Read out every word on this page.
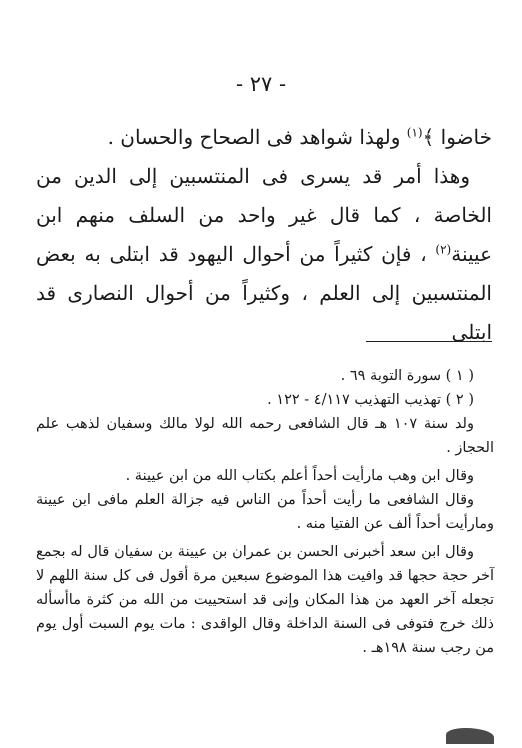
- ٢٧ -

خاضوا ﴾$^{(١)}$ ولهذا شواهد فى الصحاح والحسان .

وهذا أمر قد يسرى فى المنتسبين إلى الدين من الخاصة ، كما قال غير واحد من السلف منهم ابن عيينة$^{(٢)}$ ، فإن كثيراً من أحوال اليهود قد ابتلى به بعض المنتسبين إلى العلم ، وكثيراً من أحوال النصارى قد ابتلى

( ١ ) سورة التوبة ٦٩ .

( ٢ ) تهذيب التهذيب ٤/١١٧ - ١٢٢ .

ولد سنة ١٠٧ هـ قال الشافعى رحمه الله لولا مالك وسفيان لذهب علم الحجاز .

وقال ابن وهب مارأيت أحداً أعلم بكتاب الله من ابن عيينة .

وقال الشافعى ما رأيت أحداً من الناس فيه جزالة العلم مافى ابن عيينة ومارأيت أحداً ألف عن الفتيا منه .

وقال ابن سعد أخبرنى الحسن بن عمران بن عيينة بن سفيان قال له بجمع آخر حجة حجها قد وافيت هذا الموضوع سبعين مرة أقول فى كل سنة اللهم لا تجعله آخر العهد من هذا المكان وإنى قد استحييت من الله من كثرة ماأسأله ذلك خرج فتوفى فى السنة الداخلة وقال الواقدى : مات يوم السبت أول يوم من رجب سنة ١٩٨هـ .
